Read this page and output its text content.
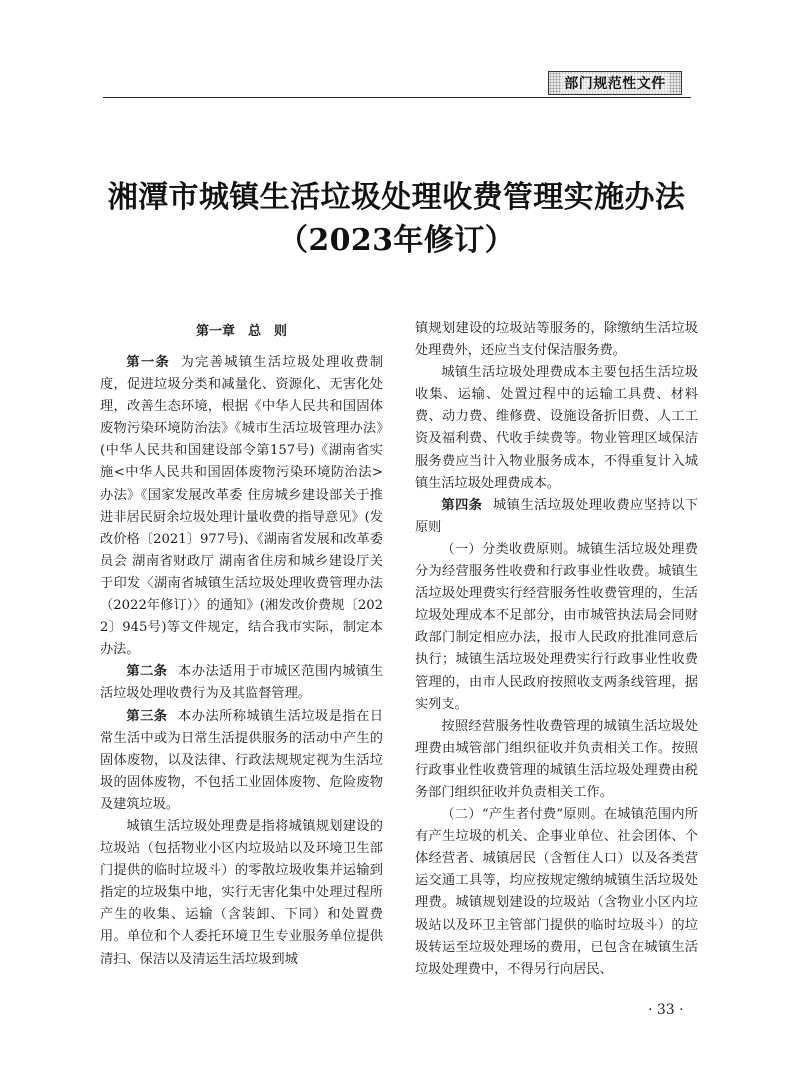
部门规范性文件
湘潭市城镇生活垃圾处理收费管理实施办法
（2023年修订）
第一章　总　则

第一条 为完善城镇生活垃圾处理收费制度，促进垃圾分类和减量化、资源化、无害化处理，改善生态环境，根据《中华人民共和国固体废物污染环境防治法》《城市生活垃圾管理办法》(中华人民共和国建设部令第157号)《湖南省实施<中华人民共和国固体废物污染环境防治法>办法》《国家发展改革委 住房城乡建设部关于推进非居民厨余垃圾处理计量收费的指导意见》(发改价格〔2021〕977号)、《湖南省发展和改革委员会 湖南省财政厅 湖南省住房和城乡建设厅关于印发〈湖南省城镇生活垃圾处理收费管理办法（2022年修订）〉的通知》(湘发改价费规〔2022〕945号)等文件规定，结合我市实际，制定本办法。

第二条 本办法适用于市城区范围内城镇生活垃圾处理收费行为及其监督管理。

第三条 本办法所称城镇生活垃圾是指在日常生活中或为日常生活提供服务的活动中产生的固体废物，以及法律、行政法规规定视为生活垃圾的固体废物，不包括工业固体废物、危险废物及建筑垃圾。

城镇生活垃圾处理费是指将城镇规划建设的垃圾站（包括物业小区内垃圾站以及环境卫生部门提供的临时垃圾斗）的零散垃圾收集并运输到指定的垃圾集中地，实行无害化集中处理过程所产生的收集、运输（含装卸、下同）和处置费用。单位和个人委托环境卫生专业服务单位提供清扫、保洁以及清运生活垃圾到城

镇规划建设的垃圾站等服务的，除缴纳生活垃圾处理费外，还应当支付保洁服务费。

城镇生活垃圾处理费成本主要包括生活垃圾收集、运输、处置过程中的运输工具费、材料费、动力费、维修费、设施设备折旧费、人工工资及福利费、代收手续费等。物业管理区域保洁服务费应当计入物业服务成本，不得重复计入城镇生活垃圾处理费成本。

第四条 城镇生活垃圾处理收费应坚持以下原则

（一）分类收费原则。城镇生活垃圾处理费分为经营服务性收费和行政事业性收费。城镇生活垃圾处理费实行经营服务性收费管理的，生活垃圾处理成本不足部分，由市城管执法局会同财政部门制定相应办法，报市人民政府批准同意后执行；城镇生活垃圾处理费实行行政事业性收费管理的，由市人民政府按照收支两条线管理，据实列支。

按照经营服务性收费管理的城镇生活垃圾处理费由城管部门组织征收并负责相关工作。按照行政事业性收费管理的城镇生活垃圾处理费由税务部门组织征收并负责相关工作。

（二）“产生者付费”原则。在城镇范围内所有产生垃圾的机关、企事业单位、社会团体、个体经营者、城镇居民（含暂住人口）以及各类营运交通工具等，均应按规定缴纳城镇生活垃圾处理费。城镇规划建设的垃圾站（含物业小区内垃圾站以及环卫主管部门提供的临时垃圾斗）的垃圾转运至垃圾处理场的费用，已包含在城镇生活垃圾处理费中，不得另行向居民、

· 33 ·
